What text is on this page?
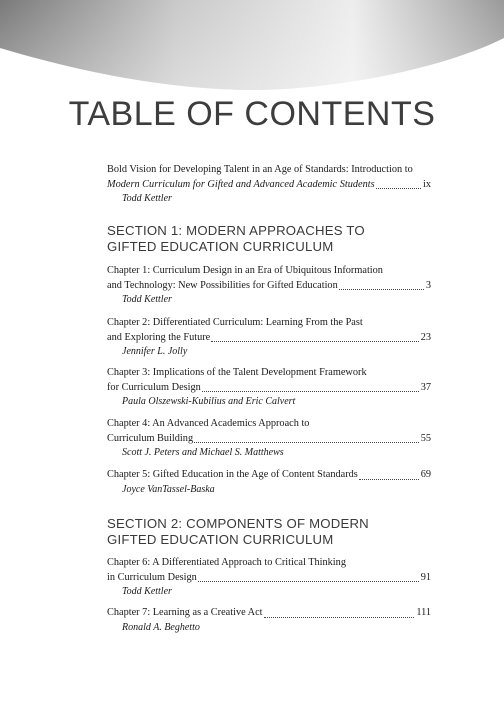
TABLE OF CONTENTS
Bold Vision for Developing Talent in an Age of Standards: Introduction to
Modern Curriculum for Gifted and Advanced Academic Students	ix
Todd Kettler
SECTION 1: MODERN APPROACHES TO
GIFTED EDUCATION CURRICULUM
Chapter 1: Curriculum Design in an Era of Ubiquitous Information
and Technology: New Possibilities for Gifted Education	3
Todd Kettler
Chapter 2: Differentiated Curriculum: Learning From the Past
and Exploring the Future	23
Jennifer L. Jolly
Chapter 3: Implications of the Talent Development Framework
for Curriculum Design	37
Paula Olszewski-Kubilius and Eric Calvert
Chapter 4: An Advanced Academics Approach to
Curriculum Building	55
Scott J. Peters and Michael S. Matthews
Chapter 5: Gifted Education in the Age of Content Standards	69
Joyce VanTassel-Baska
SECTION 2: COMPONENTS OF MODERN
GIFTED EDUCATION CURRICULUM
Chapter 6: A Differentiated Approach to Critical Thinking
in Curriculum Design	91
Todd Kettler
Chapter 7: Learning as a Creative Act	111
Ronald A. Beghetto
